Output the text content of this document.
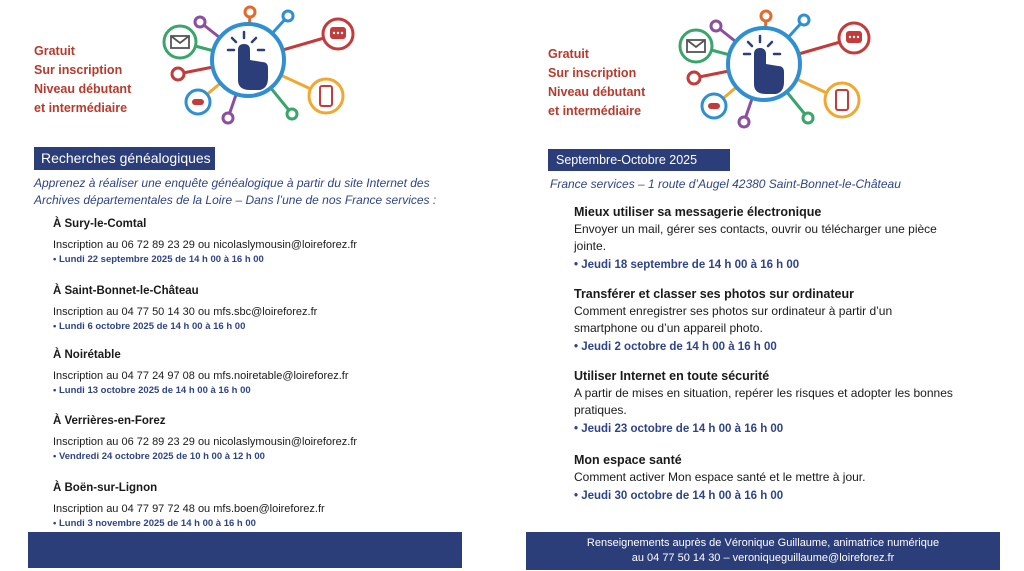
Gratuit
Sur inscription
Niveau débutant
et intermédiaire
Recherches généalogiques
Apprenez à réaliser une enquête généalogique à partir du site Internet des Archives départementales de la Loire – Dans l’une de nos France services :
À Sury-le-Comtal
Inscription au 06 72 89 23 29 ou nicolaslymousin@loireforez.fr
• Lundi 22 septembre 2025 de 14 h 00 à 16 h 00
À Saint-Bonnet-le-Château
Inscription au 04 77 50 14 30 ou mfs.sbc@loireforez.fr
• Lundi 6 octobre 2025 de 14 h 00 à 16 h 00
À Noirétable
Inscription au 04 77 24 97 08 ou mfs.noiretable@loireforez.fr
• Lundi 13 octobre 2025 de 14 h 00 à 16 h 00
À Verrières-en-Forez
Inscription au 06 72 89 23 29 ou nicolaslymousin@loireforez.fr
• Vendredi 24 octobre 2025 de 10 h 00 à 12 h 00
À Boën-sur-Lignon
Inscription au 04 77 97 72 48 ou mfs.boen@loireforez.fr
• Lundi 3 novembre 2025 de 14 h 00 à 16 h 00
Gratuit
Sur inscription
Niveau débutant
et intermédiaire
Septembre-Octobre 2025
France services – 1 route d’Augel 42380 Saint-Bonnet-le-Château
Mieux utiliser sa messagerie électronique
Envoyer un mail, gérer ses contacts, ouvrir ou télécharger une pièce jointe.
• Jeudi 18 septembre de 14 h 00 à 16 h 00
Transférer et classer ses photos sur ordinateur
Comment enregistrer ses photos sur ordinateur à partir d’un smartphone ou d’un appareil photo.
• Jeudi 2 octobre de 14 h 00 à 16 h 00
Utiliser Internet en toute sécurité
A partir de mises en situation, repérer les risques et adopter les bonnes pratiques.
• Jeudi 23 octobre de 14 h 00 à 16 h 00
Mon espace santé
Comment activer Mon espace santé et le mettre à jour.
• Jeudi 30 octobre de 14 h 00 à 16 h 00
Renseignements auprès de Véronique Guillaume, animatrice numérique
au 04 77 50 14 30 – veroniqueguillaume@loireforez.fr
